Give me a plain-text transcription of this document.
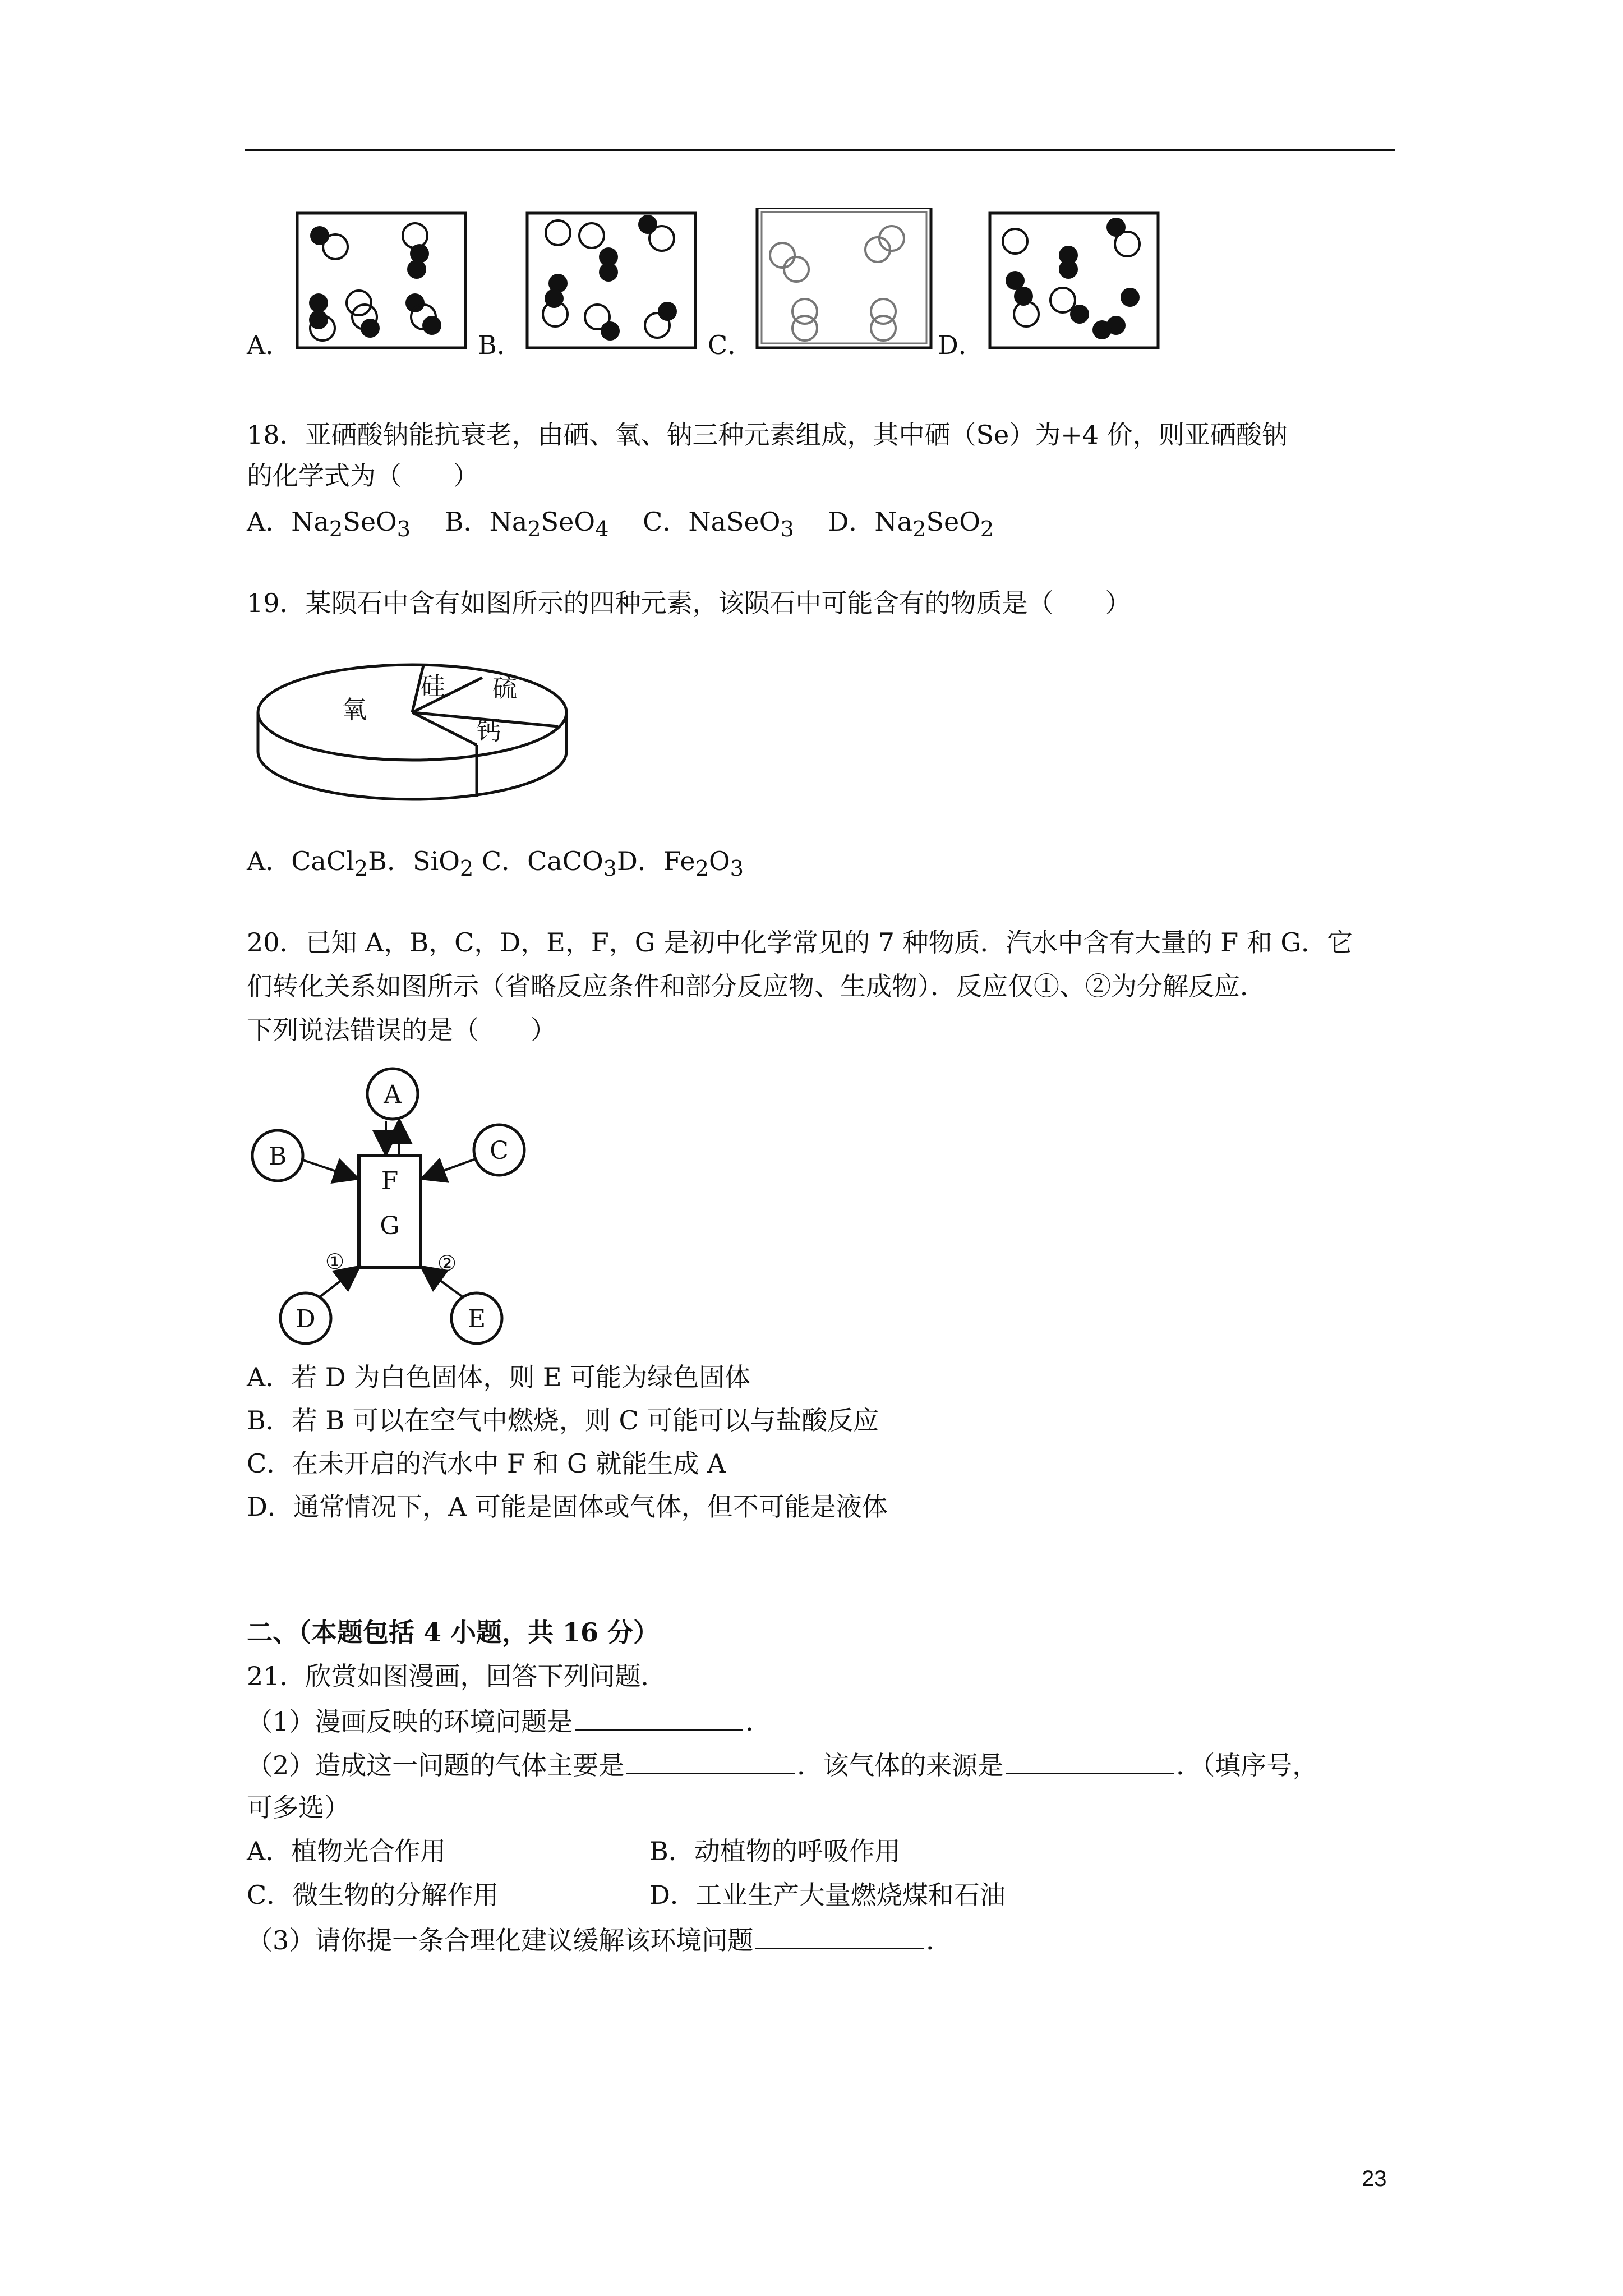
A．	B．	C．	D．
18．亚硒酸钠能抗衰老，由硒、氧、钠三种元素组成，其中硒（Se）为+4 价，则亚硒酸钠
的化学式为（　　）
A．$Na_2SeO_3$　 B．$Na_2SeO_4$　 C．NaSeO$_3$　 D．$Na_2SeO_2$
19．某陨石中含有如图所示的四种元素，该陨石中可能含有的物质是（　　）
氧
硅 硫
钙
A．CaCl$_2$B．SiO$_2$ C．CaCO$_3$D．$Fe_2O_3$
20．已知 A，B，C，D，E，F，G 是初中化学常见的 7 种物质．汽水中含有大量的 F 和 G．它
们转化关系如图所示（省略反应条件和部分反应物、生成物）．反应仅①、②为分解反应．
下列说法错误的是（　　）
A
B	C
D	E
F
G
①	②
A．若 D 为白色固体，则 E 可能为绿色固体
B．若 B 可以在空气中燃烧，则 C 可能可以与盐酸反应
C．在未开启的汽水中 F 和 G 就能生成 A
D．通常情况下，A 可能是固体或气体，但不可能是液体
二、（本题包括 4 小题，共 16 分）
21．欣赏如图漫画，回答下列问题．
（1）漫画反映的环境问题是	．
（2）造成这一问题的气体主要是	．该气体的来源是	．（填序号，
可多选）
A．植物光合作用	B．动植物的呼吸作用
C．微生物的分解作用	D．工业生产大量燃烧煤和石油
（3）请你提一条合理化建议缓解该环境问题	．
23
